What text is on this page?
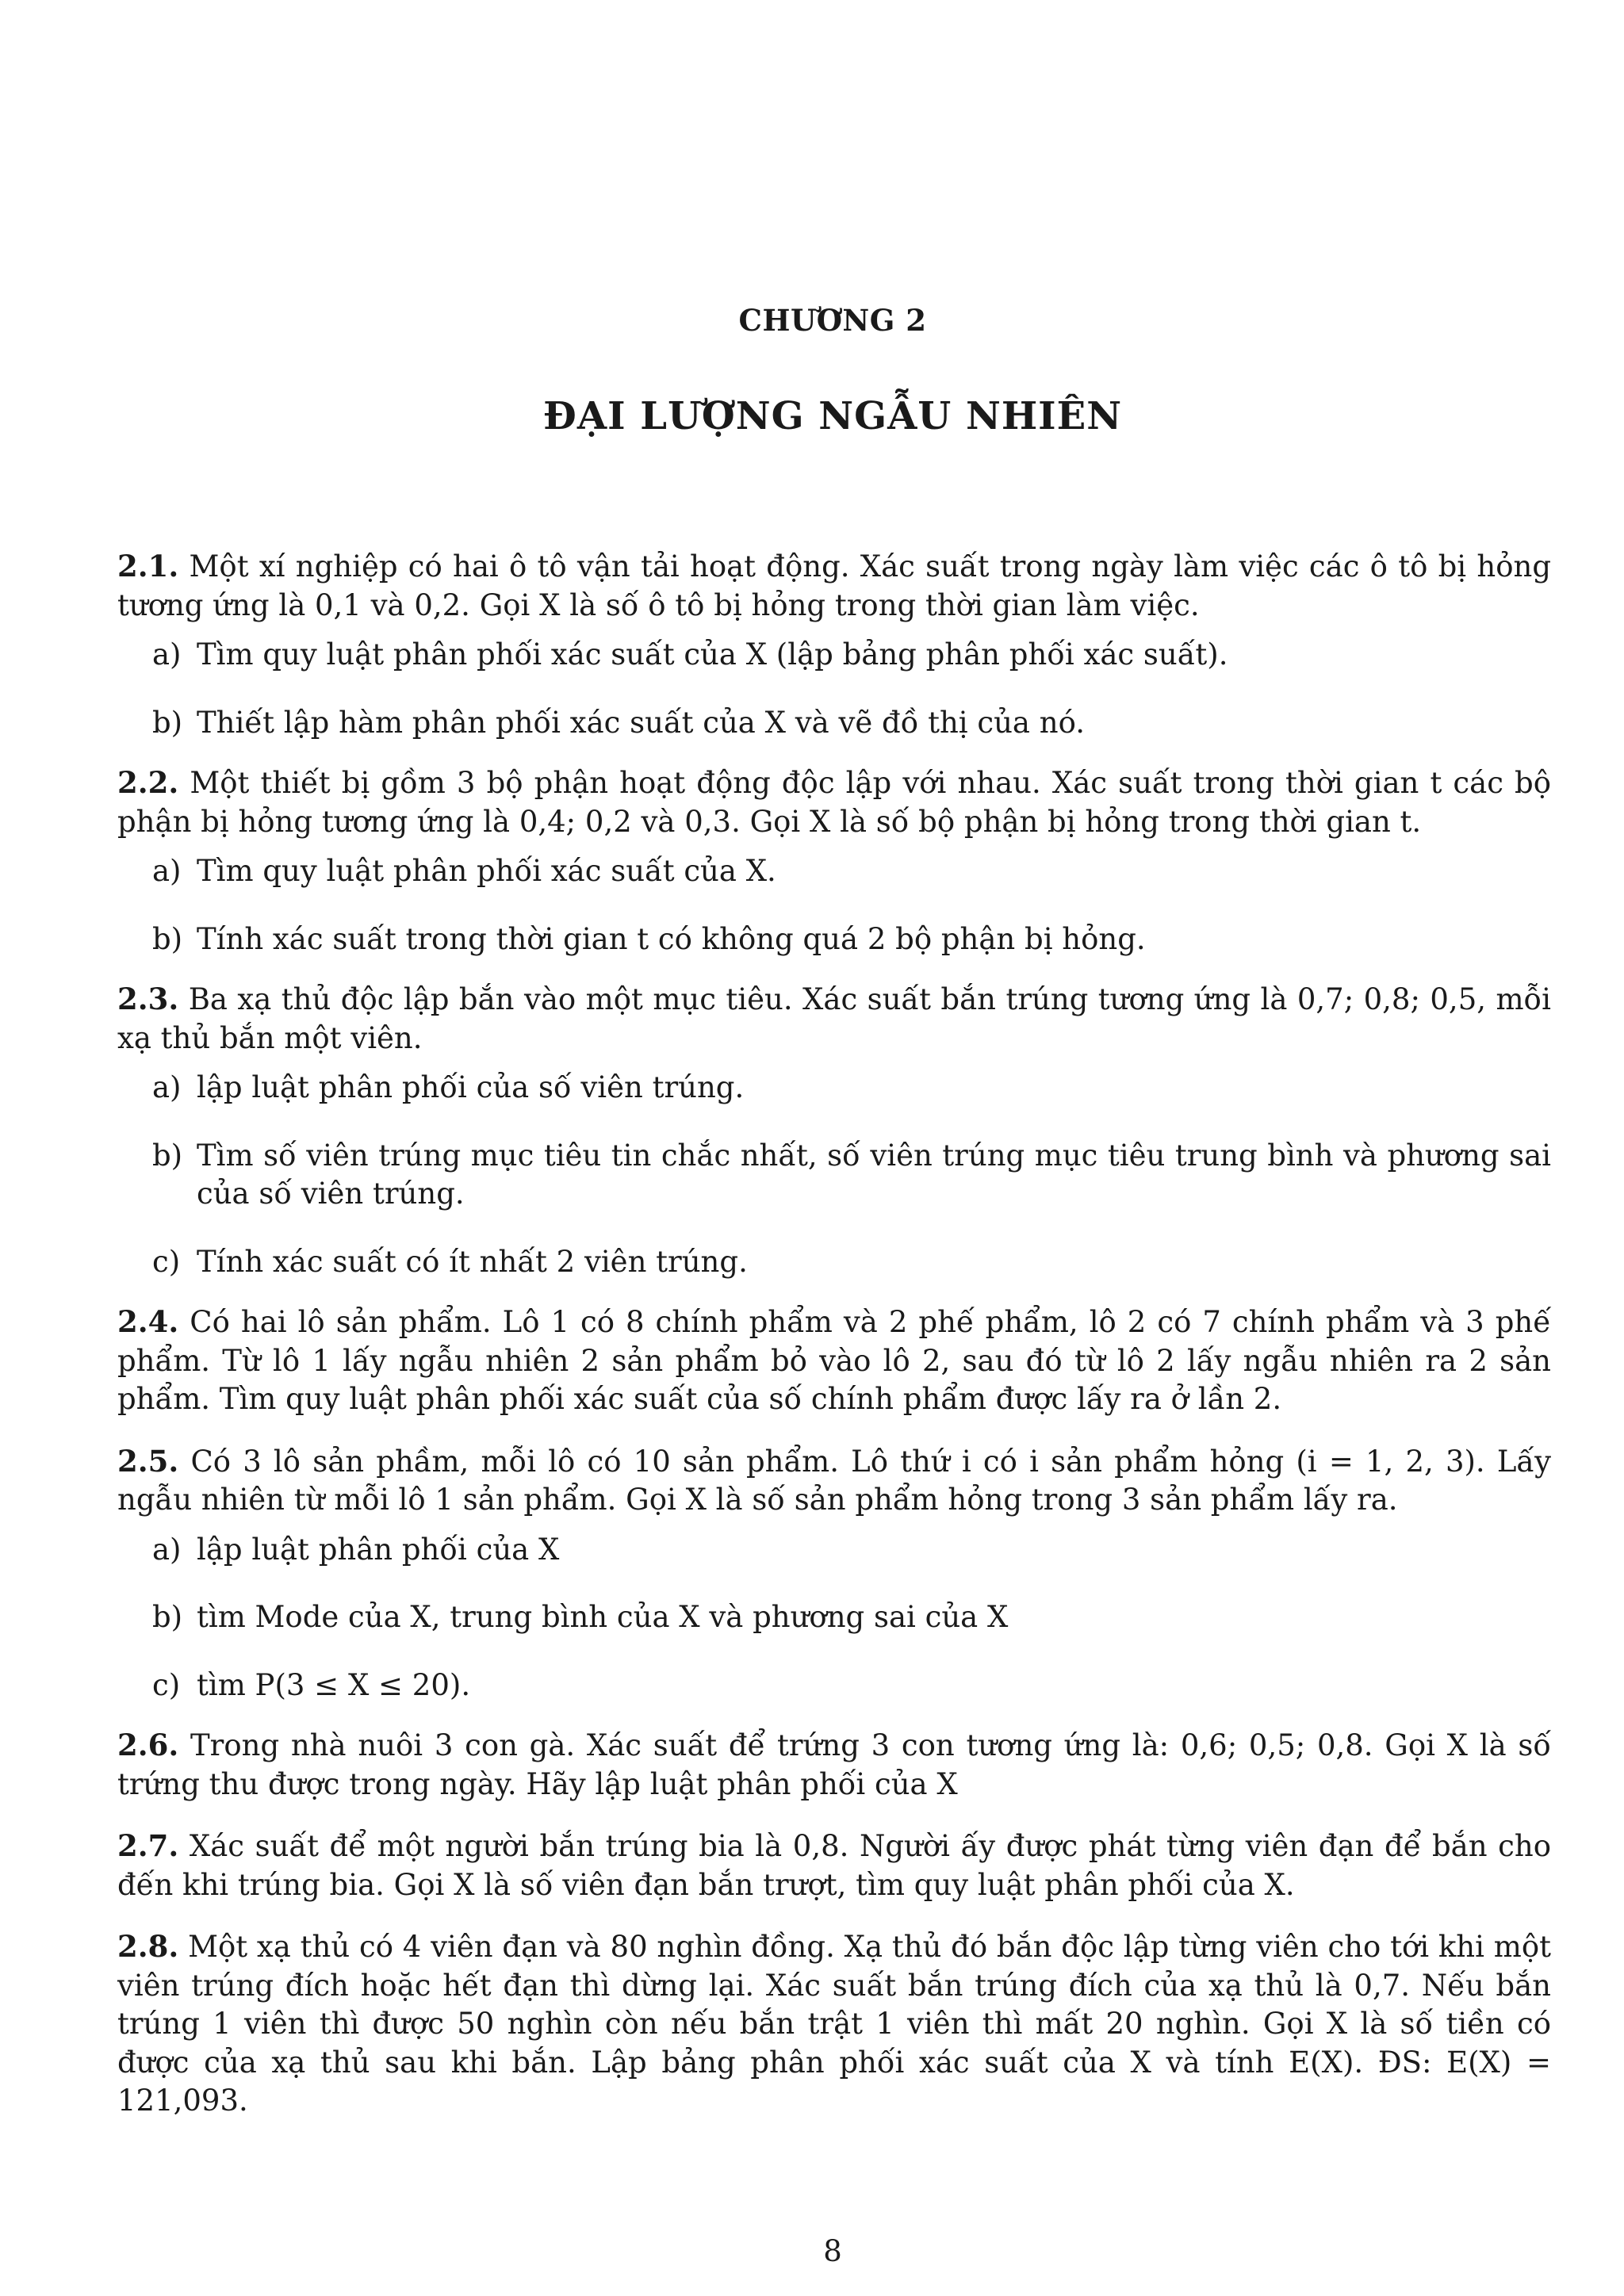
CHƯƠNG 2
ĐẠI LƯỢNG NGẪU NHIÊN

2.1. Một xí nghiệp có hai ô tô vận tải hoạt động. Xác suất trong ngày làm việc các ô tô bị hỏng tương ứng là 0,1 và 0,2. Gọi X là số ô tô bị hỏng trong thời gian làm việc.

a) Tìm quy luật phân phối xác suất của X (lập bảng phân phối xác suất).
b) Thiết lập hàm phân phối xác suất của X và vẽ đồ thị của nó.

2.2. Một thiết bị gồm 3 bộ phận hoạt động độc lập với nhau. Xác suất trong thời gian t các bộ phận bị hỏng tương ứng là 0,4; 0,2 và 0,3. Gọi X là số bộ phận bị hỏng trong thời gian t.

a) Tìm quy luật phân phối xác suất của X.
b) Tính xác suất trong thời gian t có không quá 2 bộ phận bị hỏng.

2.3. Ba xạ thủ độc lập bắn vào một mục tiêu. Xác suất bắn trúng tương ứng là 0,7; 0,8; 0,5, mỗi xạ thủ bắn một viên.

a) lập luật phân phối của số viên trúng.
b) Tìm số viên trúng mục tiêu tin chắc nhất, số viên trúng mục tiêu trung bình và phương sai của số viên trúng.
c) Tính xác suất có ít nhất 2 viên trúng.

2.4. Có hai lô sản phẩm. Lô 1 có 8 chính phẩm và 2 phế phẩm, lô 2 có 7 chính phẩm và 3 phế phẩm. Từ lô 1 lấy ngẫu nhiên 2 sản phẩm bỏ vào lô 2, sau đó từ lô 2 lấy ngẫu nhiên ra 2 sản phẩm. Tìm quy luật phân phối xác suất của số chính phẩm được lấy ra ở lần 2.

2.5. Có 3 lô sản phầm, mỗi lô có 10 sản phẩm. Lô thứ i có i sản phẩm hỏng (i = 1, 2, 3). Lấy ngẫu nhiên từ mỗi lô 1 sản phẩm. Gọi X là số sản phẩm hỏng trong 3 sản phẩm lấy ra.

a) lập luật phân phối của X
b) tìm Mode của X, trung bình của X và phương sai của X
c) tìm P(3 ≤ X ≤ 20).

2.6. Trong nhà nuôi 3 con gà. Xác suất để trứng 3 con tương ứng là: 0,6; 0,5; 0,8. Gọi X là số trứng thu được trong ngày. Hãy lập luật phân phối của X

2.7. Xác suất để một người bắn trúng bia là 0,8. Người ấy được phát từng viên đạn để bắn cho đến khi trúng bia. Gọi X là số viên đạn bắn trượt, tìm quy luật phân phối của X.

2.8. Một xạ thủ có 4 viên đạn và 80 nghìn đồng. Xạ thủ đó bắn độc lập từng viên cho tới khi một viên trúng đích hoặc hết đạn thì dừng lại. Xác suất bắn trúng đích của xạ thủ là 0,7. Nếu bắn trúng 1 viên thì được 50 nghìn còn nếu bắn trật 1 viên thì mất 20 nghìn. Gọi X là số tiền có được của xạ thủ sau khi bắn. Lập bảng phân phối xác suất của X và tính E(X). ĐS: E(X) = 121,093.

8
